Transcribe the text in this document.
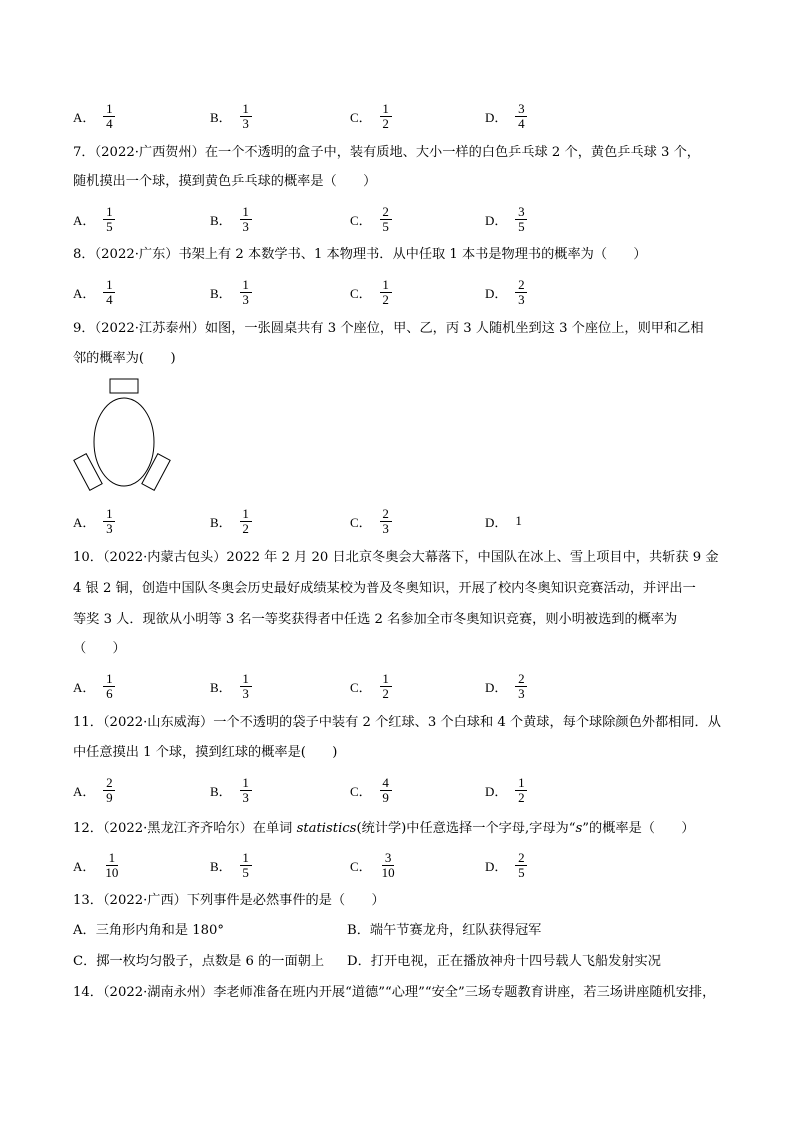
A． $\frac{1}{4}$	B． $\frac{1}{3}$	C． $\frac{1}{2}$	D． $\frac{3}{4}$
7．（2022·广西贺州）在一个不透明的盒子中，装有质地、大小一样的白色乒乓球 2 个，黄色乒乓球 3 个，
随机摸出一个球，摸到黄色乒乓球的概率是（　　）
A． $\frac{1}{5}$	B． $\frac{1}{3}$	C． $\frac{2}{5}$	D． $\frac{3}{5}$
8．（2022·广东）书架上有 2 本数学书、1 本物理书．从中任取 1 本书是物理书的概率为（　　）
A． $\frac{1}{4}$	B． $\frac{1}{3}$	C． $\frac{1}{2}$	D． $\frac{2}{3}$
9．（2022·江苏泰州）如图，一张圆桌共有 3 个座位，甲、乙，丙 3 人随机坐到这 3 个座位上，则甲和乙相
邻的概率为(　　)
A． $\frac{1}{3}$	B． $\frac{1}{2}$	C． $\frac{2}{3}$	D． 1
10．（2022·内蒙古包头）2022 年 2 月 20 日北京冬奥会大幕落下，中国队在冰上、雪上项目中，共斩获 9 金
4 银 2 铜，创造中国队冬奥会历史最好成绩某校为普及冬奥知识，开展了校内冬奥知识竞赛活动，并评出一
等奖 3 人．现欲从小明等 3 名一等奖获得者中任选 2 名参加全市冬奥知识竞赛，则小明被选到的概率为
（　　）
A． $\frac{1}{6}$	B． $\frac{1}{3}$	C． $\frac{1}{2}$	D． $\frac{2}{3}$
11．（2022·山东威海）一个不透明的袋子中装有 2 个红球、3 个白球和 4 个黄球，每个球除颜色外都相同．从
中任意摸出 1 个球，摸到红球的概率是(　　)
A． $\frac{2}{9}$	B． $\frac{1}{3}$	C． $\frac{4}{9}$	D． $\frac{1}{2}$
12．（2022·黑龙江齐齐哈尔）在单词 statistics(统计学)中任意选择一个字母,字母为“s”的概率是（　　）
A． $\frac{1}{10}$	B． $\frac{1}{5}$	C． $\frac{3}{10}$	D． $\frac{2}{5}$
13．（2022·广西）下列事件是必然事件的是（　　）
A．三角形内角和是 180°	B．端午节赛龙舟，红队获得冠军
C．掷一枚均匀骰子，点数是 6 的一面朝上 D．打开电视，正在播放神舟十四号载人飞船发射实况
14．（2022·湖南永州）李老师准备在班内开展“道德”“心理”“安全”三场专题教育讲座，若三场讲座随机安排，
